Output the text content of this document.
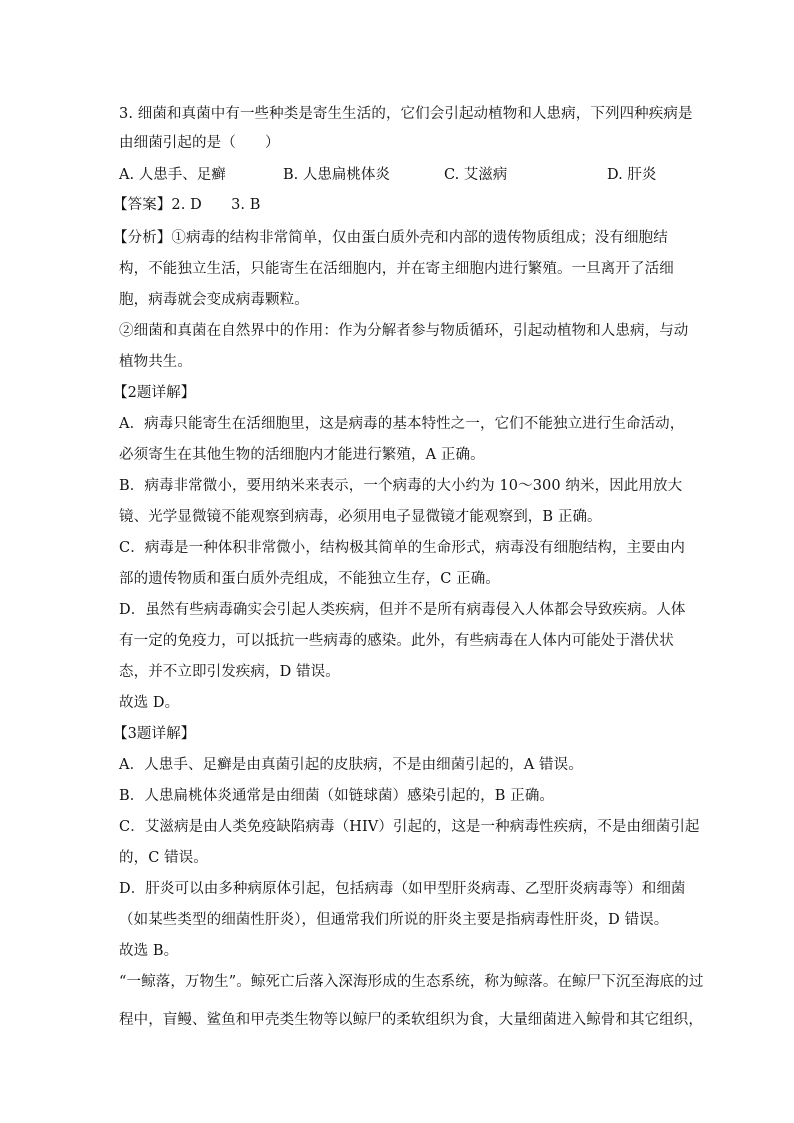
3. 细菌和真菌中有一些种类是寄生生活的，它们会引起动植物和人患病，下列四种疾病是
由细菌引起的是（　　）
A. 人患手、足癣	B. 人患扁桃体炎	C. 艾滋病	D. 肝炎
【答案】2. D　　3. B
【分析】①病毒的结构非常简单，仅由蛋白质外壳和内部的遗传物质组成；没有细胞结
构，不能独立生活，只能寄生在活细胞内，并在寄主细胞内进行繁殖。一旦离开了活细
胞，病毒就会变成病毒颗粒。
②细菌和真菌在自然界中的作用：作为分解者参与物质循环，引起动植物和人患病，与动
植物共生。
【2题详解】
A．病毒只能寄生在活细胞里，这是病毒的基本特性之一，它们不能独立进行生命活动，
必须寄生在其他生物的活细胞内才能进行繁殖，A 正确。
B．病毒非常微小，要用纳米来表示，一个病毒的大小约为 10～300 纳米，因此用放大
镜、光学显微镜不能观察到病毒，必须用电子显微镜才能观察到，B 正确。
C．病毒是一种体积非常微小，结构极其简单的生命形式，病毒没有细胞结构，主要由内
部的遗传物质和蛋白质外壳组成，不能独立生存，C 正确。
D．虽然有些病毒确实会引起人类疾病，但并不是所有病毒侵入人体都会导致疾病。人体
有一定的免疫力，可以抵抗一些病毒的感染。此外，有些病毒在人体内可能处于潜伏状
态，并不立即引发疾病，D 错误。
故选 D。
【3题详解】
A．人患手、足癣是由真菌引起的皮肤病，不是由细菌引起的，A 错误。
B．人患扁桃体炎通常是由细菌（如链球菌）感染引起的，B 正确。
C．艾滋病是由人类免疫缺陷病毒（HIV）引起的，这是一种病毒性疾病，不是由细菌引起
的，C 错误。
D．肝炎可以由多种病原体引起，包括病毒（如甲型肝炎病毒、乙型肝炎病毒等）和细菌
（如某些类型的细菌性肝炎），但通常我们所说的肝炎主要是指病毒性肝炎，D 错误。
故选 B。
“一鲸落，万物生”。鲸死亡后落入深海形成的生态系统，称为鲸落。在鲸尸下沉至海底的过
程中，盲鳗、鲨鱼和甲壳类生物等以鲸尸的柔软组织为食，大量细菌进入鲸骨和其它组织，
